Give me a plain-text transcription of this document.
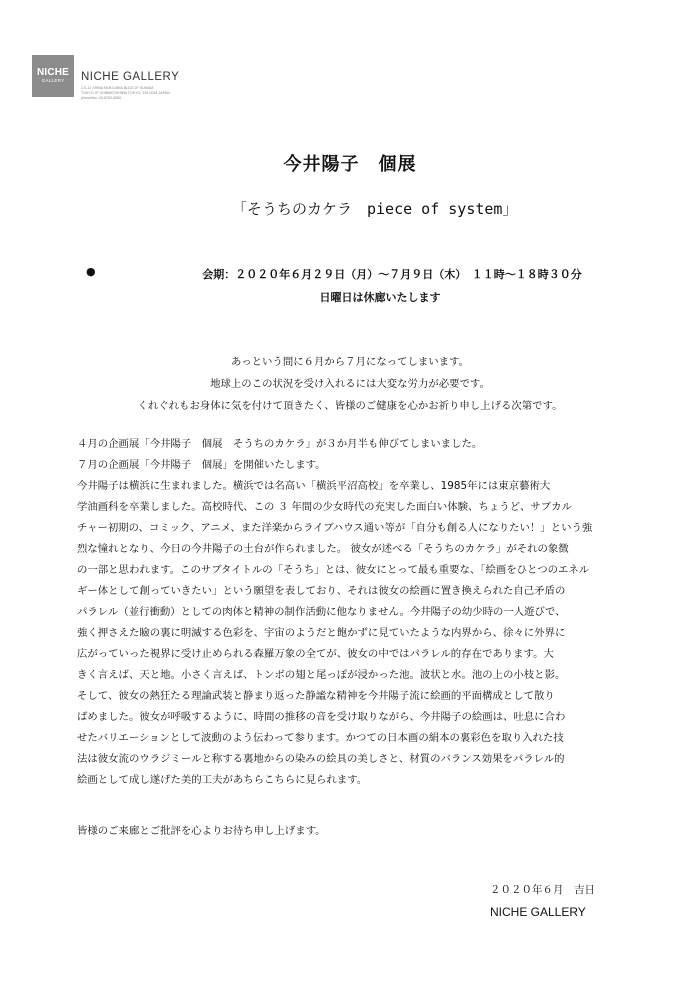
NICHE
GALLERY NICHE GALLERY
1-5-12 SHIBA MUKOJIMA BLDG 2F SUMIDA
TOKYO 2F SHIBAKOSHIMA TOKYO, 130-0044 JAPAN
phone/fax: 03-6783-5080
今井陽子　個展
「そうちのカケラ　piece of system」
●	会期：２０２０年６月２９日（月）～７月９日（木）　１１時～１８時３０分
日曜日は休廊いたします
あっという間に６月から７月になってしまいます。
地球上のこの状況を受け入れるには大変な労力が必要です。
くれぐれもお身体に気を付けて頂きたく、皆様のご健康を心かお祈り申し上げる次第です。
４月の企画展「今井陽子　個展　そうちのカケラ」が３か月半も伸びてしまいました。
７月の企画展「今井陽子　個展」を開催いたします。
今井陽子は横浜に生まれました。横浜では名高い「横浜平沼高校」を卒業し、1985年には東京藝術大
学油画科を卒業しました。高校時代、この ３ 年間の少女時代の充実した面白い体験、ちょうど、サブカル
チャー初期の、コミック、アニメ、また洋楽からライブハウス通い等が「自分も創る人になりたい！」という強
烈な憧れとなり、今日の今井陽子の土台が作られました。 彼女が述べる「そうちのカケラ」がそれの象徴
の一部と思われます。このサブタイトルの「そうち」とは、彼女にとって最も重要な、「絵画をひとつのエネル
ギー体として創っていきたい」という願望を表しており、それは彼女の絵画に置き換えられた自己矛盾の
パラレル（並行衝動）としての肉体と精神の制作活動に他なりません。今井陽子の幼少時の一人遊びで、
強く押さえた瞼の裏に明滅する色彩を、宇宙のようだと飽かずに見ていたような内界から、徐々に外界に
広がっていった視界に受け止められる森羅万象の全てが、彼女の中ではパラレル的存在であります。大
きく言えば、天と地。小さく言えば、トンボの翅と尾っぽが浸かった池。波状と水。池の上の小枝と影。
そして、彼女の熱狂たる理論武装と静まり返った静謐な精神を今井陽子流に絵画的平面構成として散り
ばめました。彼女が呼吸するように、時間の推移の音を受け取りながら、今井陽子の絵画は、吐息に合わ
せたバリエーションとして波動のよう伝わって参ります。かつての日本画の絹本の裏彩色を取り入れた技
法は彼女流のウラジミールと称する裏地からの染みの絵具の美しさと、材質のバランス効果をパラレル的
絵画として成し遂げた美的工夫があちらこちらに見られます。
皆様のご来廊とご批評を心よりお待ち申し上げます。
２０２０年６月　吉日
NICHE GALLERY
